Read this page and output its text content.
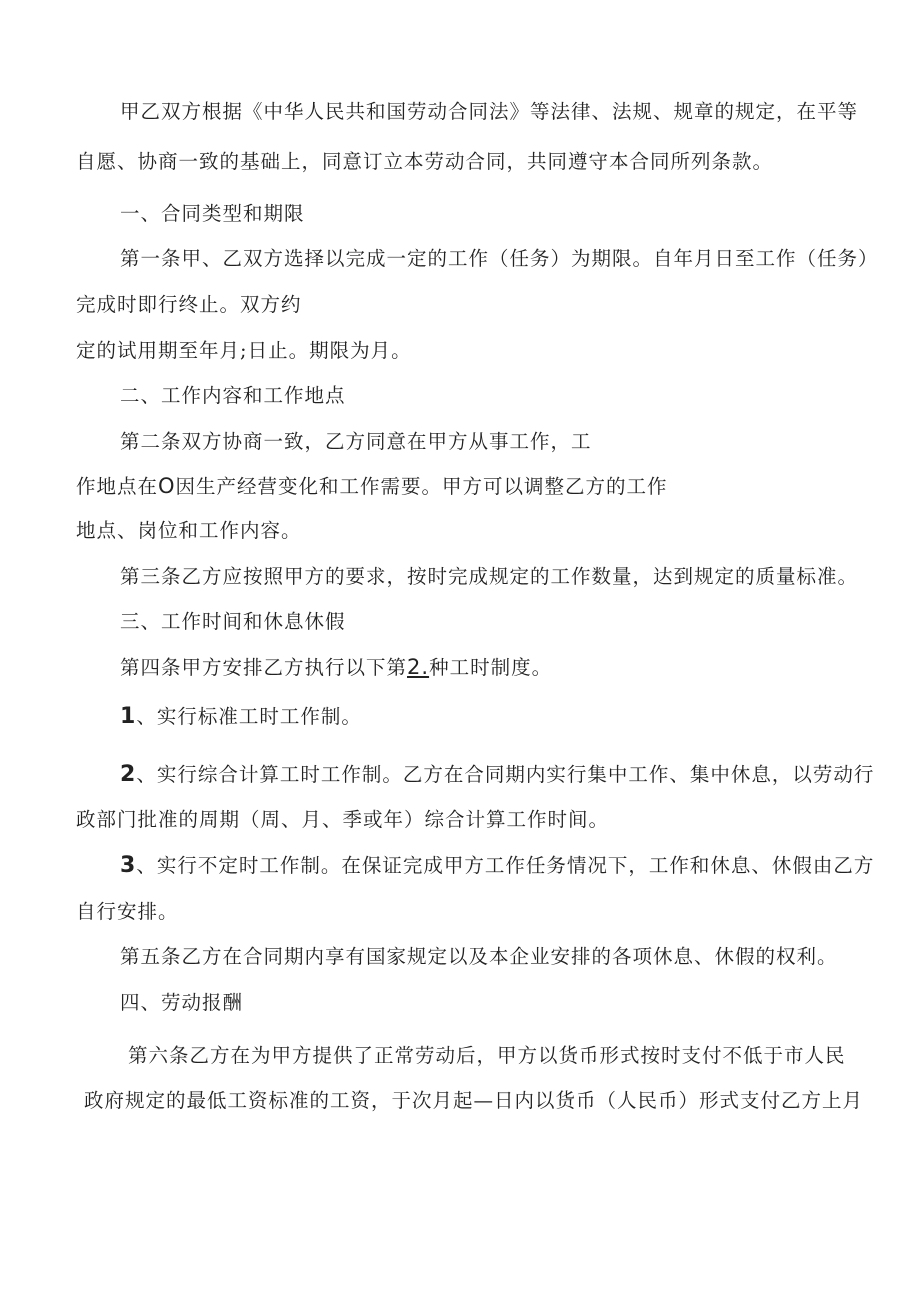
甲乙双方根据《中华人民共和国劳动合同法》等法律、法规、规章的规定，在平等
自愿、协商一致的基础上，同意订立本劳动合同，共同遵守本合同所列条款。
一、合同类型和期限
第一条甲、乙双方选择以完成一定的工作（任务）为期限。自年月日至工作（任务）
完成时即行终止。双方约
定的试用期至年月;日止。期限为月。
二、工作内容和工作地点
第二条双方协商一致，乙方同意在甲方从事工作，工
作地点在O因生产经营变化和工作需要。甲方可以调整乙方的工作
地点、岗位和工作内容。
第三条乙方应按照甲方的要求，按时完成规定的工作数量，达到规定的质量标准。
三、工作时间和休息休假
第四条甲方安排乙方执行以下第2.种工时制度。
1、实行标准工时工作制。
2、实行综合计算工时工作制。乙方在合同期内实行集中工作、集中休息，以劳动行
政部门批准的周期（周、月、季或年）综合计算工作时间。
3、实行不定时工作制。在保证完成甲方工作任务情况下，工作和休息、休假由乙方
自行安排。
第五条乙方在合同期内享有国家规定以及本企业安排的各项休息、休假的权利。
四、劳动报酬
第六条乙方在为甲方提供了正常劳动后，甲方以货币形式按时支付不低于市人民
政府规定的最低工资标准的工资，于次月起—日内以货币（人民币）形式支付乙方上月
